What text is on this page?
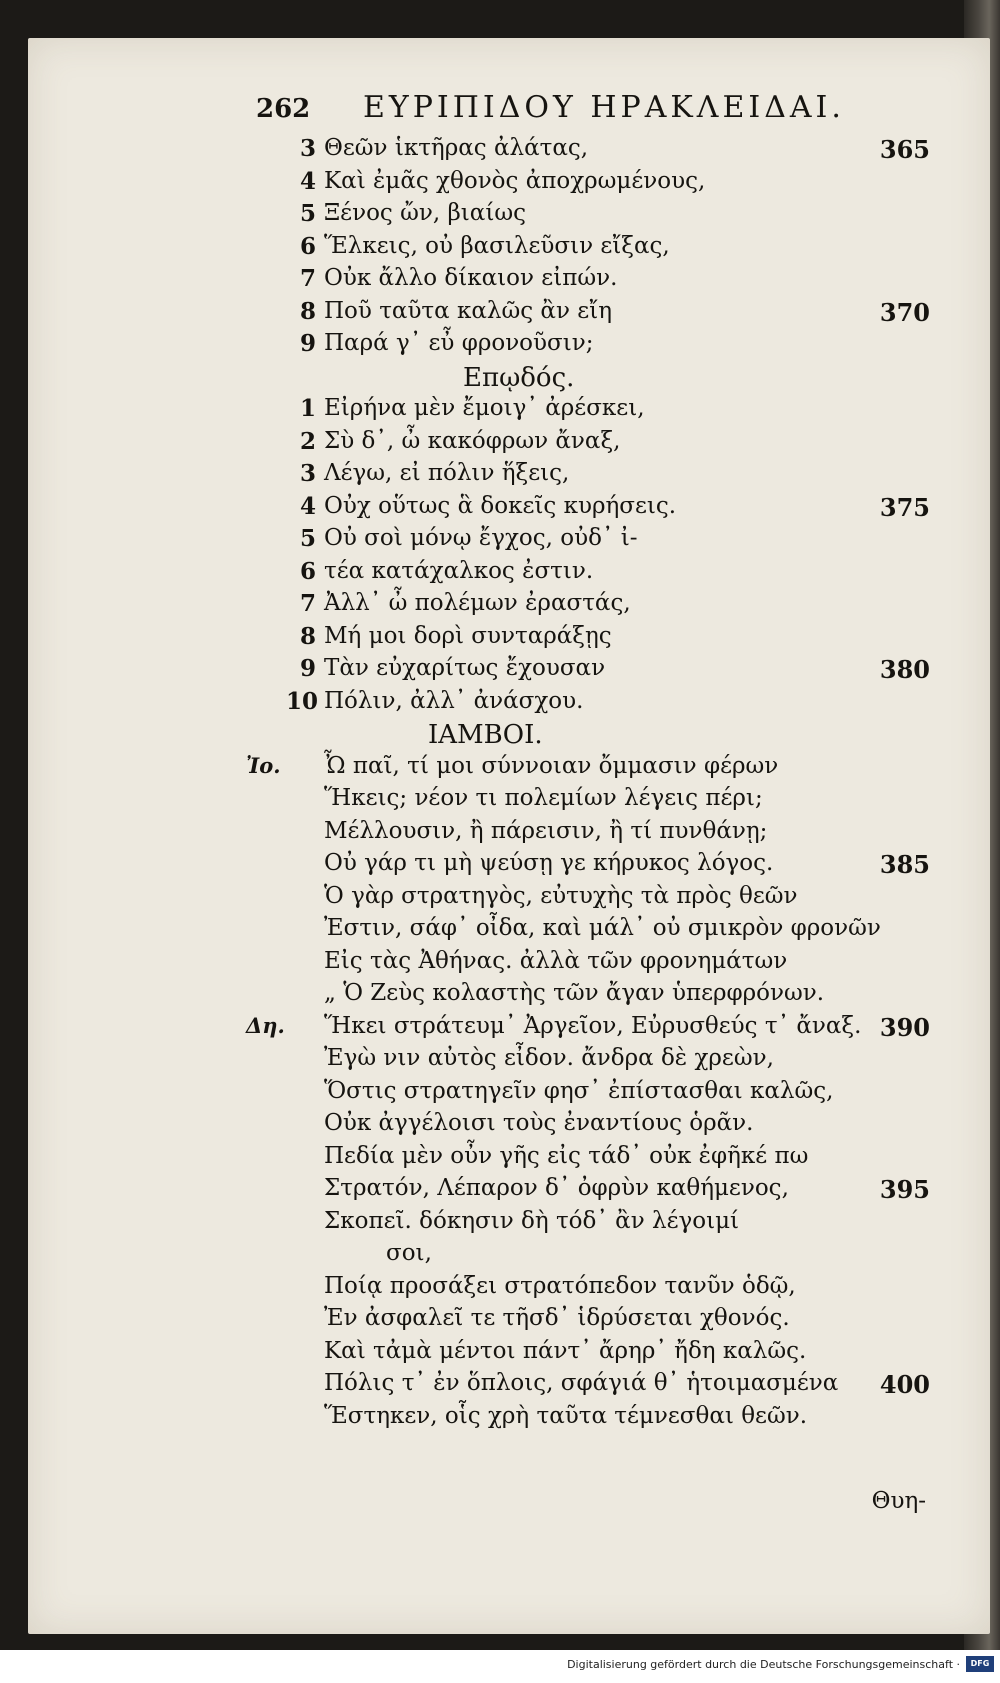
262 ΕΥΡΙΠΙΔΟΥ ΗΡΑΚΛΕΙΔΑΙ.
3 Θεῶν ἱκτῆρας ἀλάτας,	365
4 Καὶ ἐμᾶς χθονὸς ἀποχρωμένους,
5 Ξένος ὤν, βιαίως
6 Ἕλκεις, οὐ βασιλεῦσιν εἴξας,
7 Οὐκ ἄλλο δίκαιον εἰπών.
8 Ποῦ ταῦτα καλῶς ἂν εἴη	370
9 Παρά γ᾽ εὖ φρονοῦσιν;
Επῳδός.
1 Εἰρήνα μὲν ἔμοιγ᾽ ἀρέσκει,
2 Σὺ δ᾽, ὦ κακόφρων ἄναξ,
3 Λέγω, εἰ πόλιν ἥξεις,
4 Οὐχ οὕτως ἃ δοκεῖς κυρήσεις.	375
5 Οὐ σοὶ μόνῳ ἔγχος, οὐδ᾽ ἰ-
6 τέα κατάχαλκος ἐστιν.
7 Ἀλλ᾽ ὦ πολέμων ἐραστάς,
8 Μή μοι δορὶ συνταράξῃς
9 Τὰν εὐχαρίτως ἔχουσαν	380
10 Πόλιν, ἀλλ᾽ ἀνάσχου.
ΙΑΜΒΟΙ.
Ἰο. Ὦ παῖ, τί μοι σύννοιαν ὄμμασιν φέρων
Ἥκεις; νέον τι πολεμίων λέγεις πέρι;
Μέλλουσιν, ἢ πάρεισιν, ἢ τί πυνθάνῃ;
Οὐ γάρ τι μὴ ψεύσῃ γε κήρυκος λόγος.	385
Ὁ γὰρ στρατηγὸς, εὐτυχὴς τὰ πρὸς θεῶν
Ἐστιν, σάφ᾽ οἶδα, καὶ μάλ᾽ οὐ σμικρὸν φρονῶν
Εἰς τὰς Ἀθήνας. ἀλλὰ τῶν φρονημάτων
„ Ὁ Ζεὺς κολαστὴς τῶν ἄγαν ὑπερφρόνων.
Δη. Ἥκει στράτευμ᾽ Ἀργεῖον, Εὐρυσθεύς τ᾽ ἄναξ. 390
Ἐγὼ νιν αὐτὸς εἶδον. ἄνδρα δὲ χρεὼν,
Ὅστις στρατηγεῖν φησ᾽ ἐπίστασθαι καλῶς,
Οὐκ ἀγγέλοισι τοὺς ἐναντίους ὁρᾶν.
Πεδία μὲν οὖν γῆς εἰς τάδ᾽ οὐκ ἐφῆκέ πω
Στρατόν, Λέπαρον δ᾽ ὀφρὺν καθήμενος,	395
Σκοπεῖ. δόκησιν δὴ τόδ᾽ ἂν λέγοιμί
σοι,
Ποίᾳ προσάξει στρατόπεδον τανῦν ὁδῷ,
Ἐν ἀσφαλεῖ τε τῆσδ᾽ ἱδρύσεται χθονός.
Καὶ τἀμὰ μέντοι πάντ᾽ ἄρηρ᾽ ἤδη καλῶς.
Πόλις τ᾽ ἐν ὅπλοις, σφάγιά θ᾽ ἡτοιμασμένα 400
Ἕστηκεν, οἷς χρὴ ταῦτα τέμνεσθαι θεῶν.
Θυη-
Digitalisierung gefördert durch die Deutsche Forschungsgemeinschaft ·	DFG
